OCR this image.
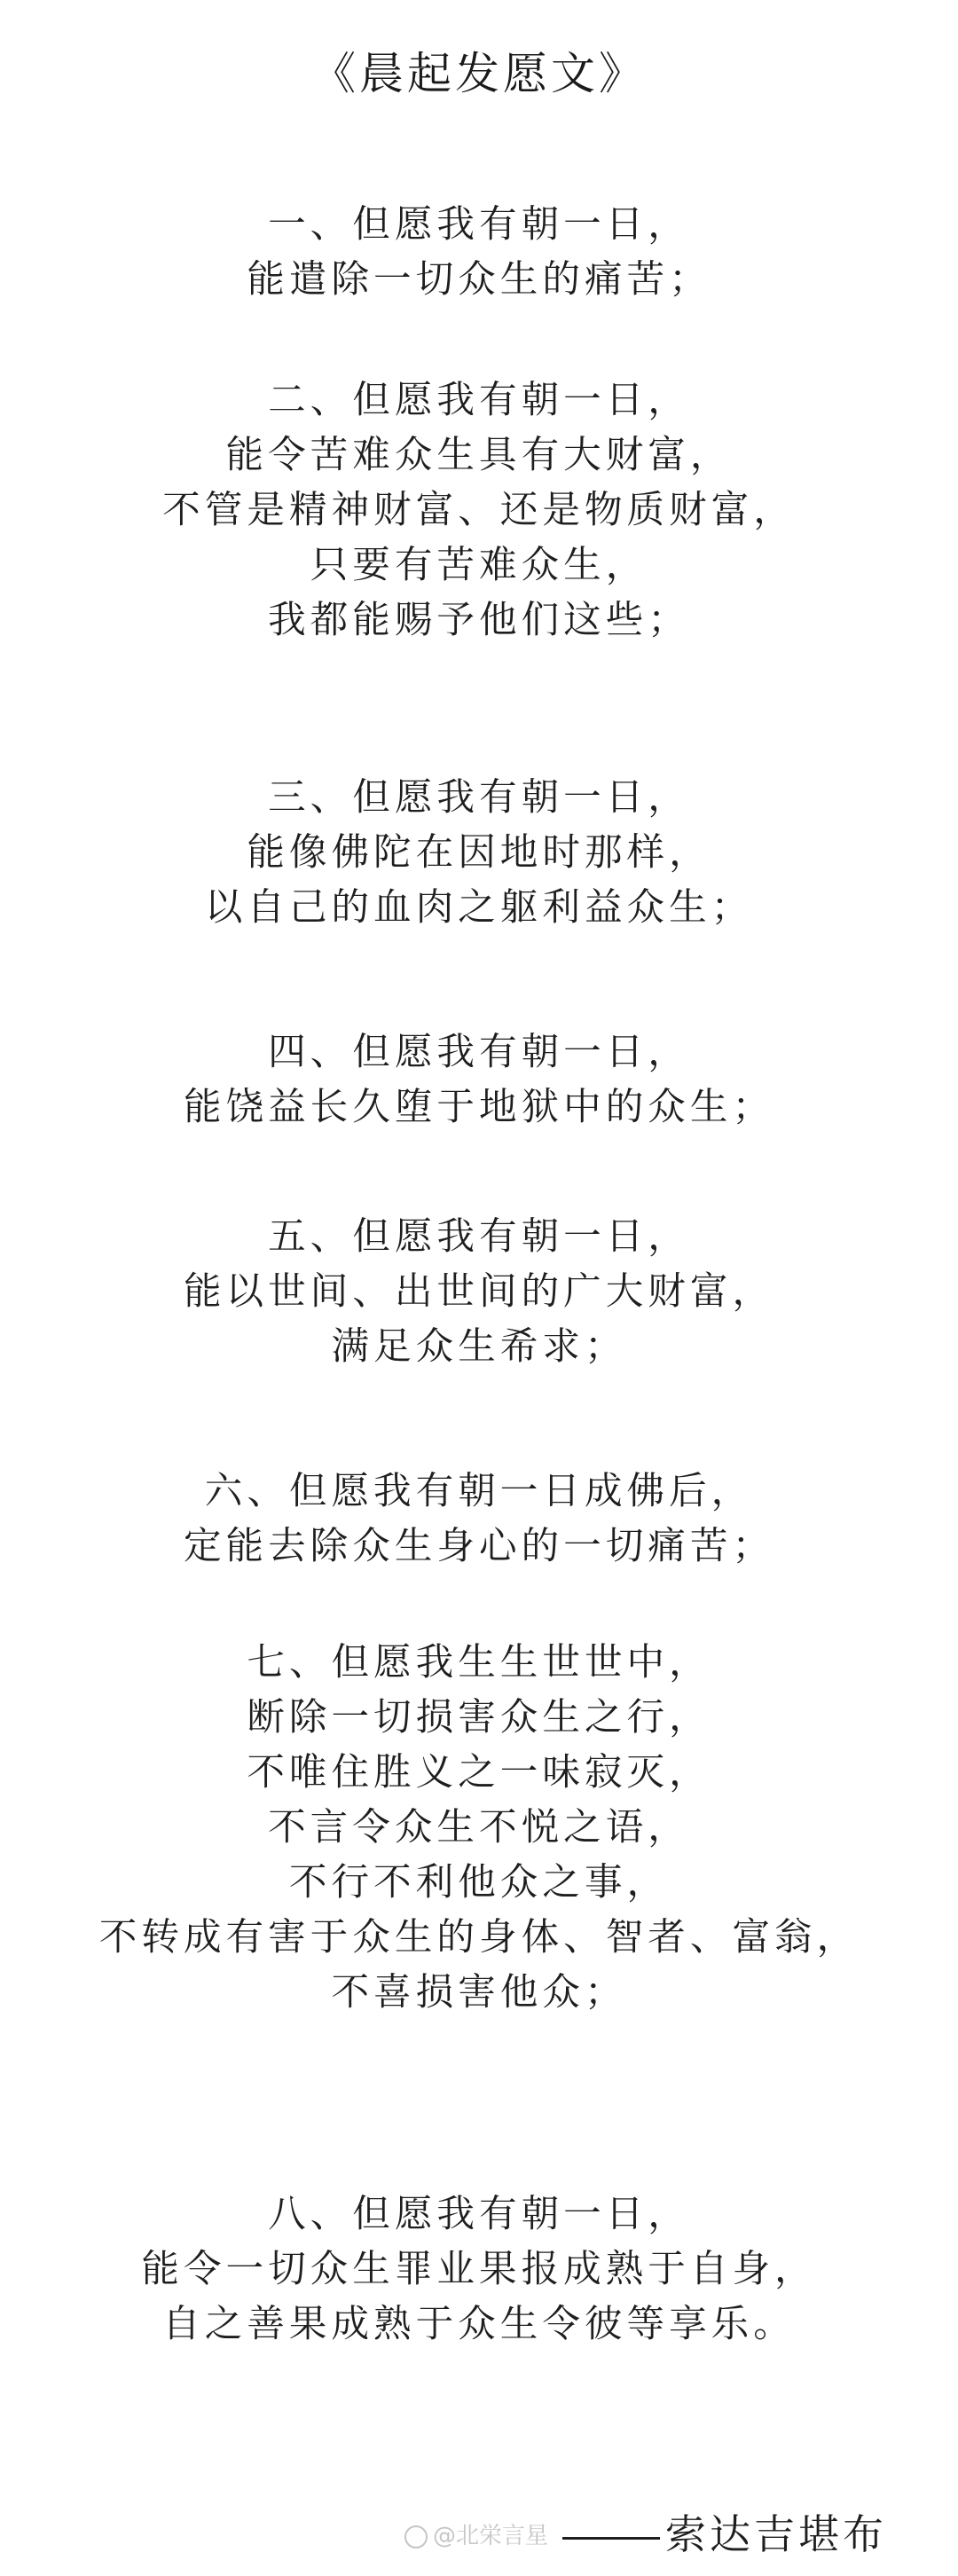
《晨起发愿文》
一、但愿我有朝一日，
能遣除一切众生的痛苦；
二、但愿我有朝一日，
能令苦难众生具有大财富，
不管是精神财富、还是物质财富，
只要有苦难众生，
我都能赐予他们这些；
三、但愿我有朝一日，
能像佛陀在因地时那样，
以自己的血肉之躯利益众生；
四、但愿我有朝一日，
能饶益长久堕于地狱中的众生；
五、但愿我有朝一日，
能以世间、出世间的广大财富，
满足众生希求；
六、但愿我有朝一日成佛后，
定能去除众生身心的一切痛苦；
七、但愿我生生世世中，
断除一切损害众生之行，
不唯住胜义之一味寂灭，
不言令众生不悦之语，
不行不利他众之事，
不转成有害于众生的身体、智者、富翁，
不喜损害他众；
八、但愿我有朝一日，
能令一切众生罪业果报成熟于自身，
自之善果成熟于众生令彼等享乐。
@北栄言星	索达吉堪布
